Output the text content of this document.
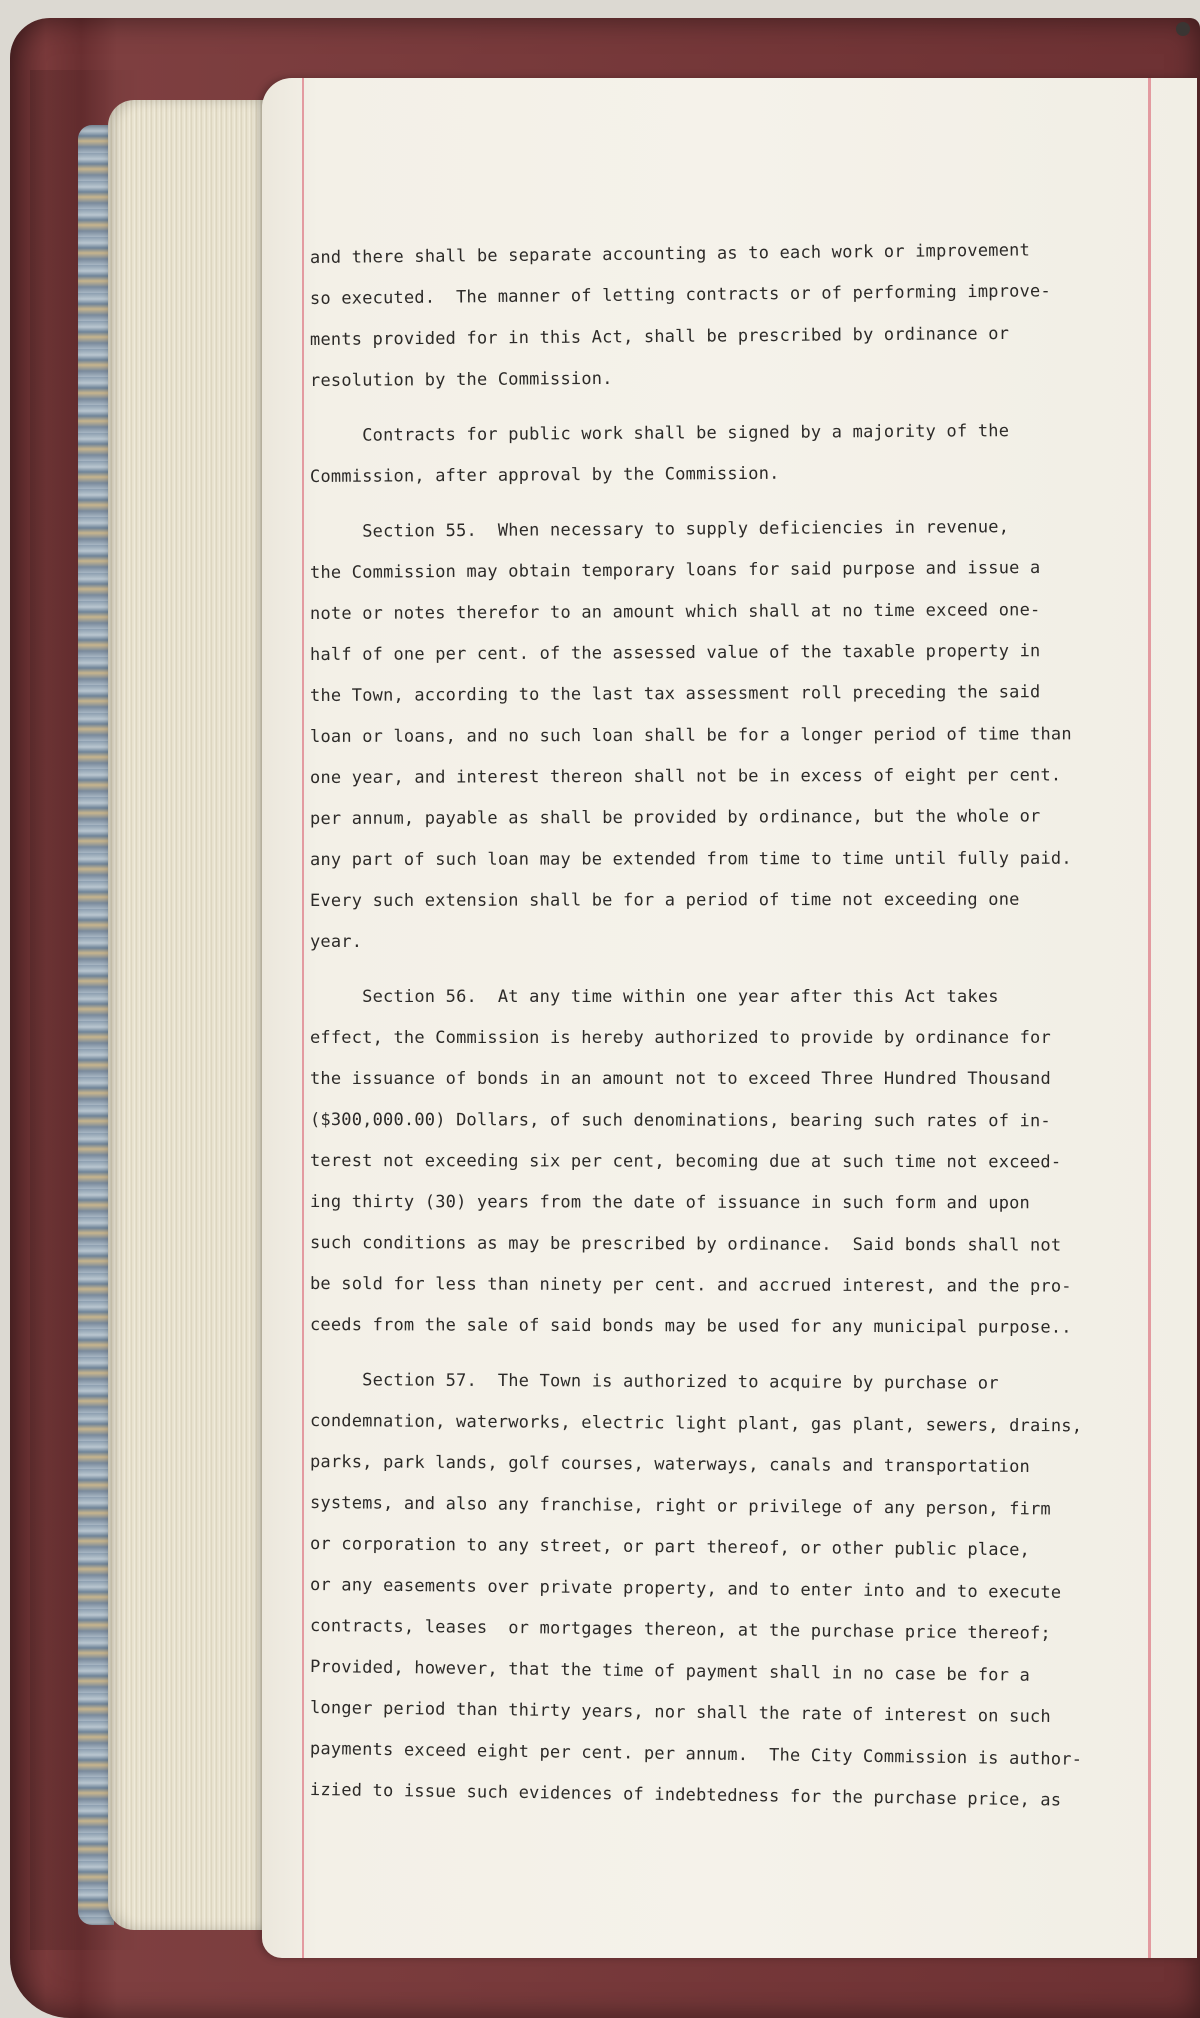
and there shall be separate accounting as to each work or improvement
so executed.  The manner of letting contracts or of performing improve-
ments provided for in this Act, shall be prescribed by ordinance or
resolution by the Commission.
Contracts for public work shall be signed by a majority of the
Commission, after approval by the Commission.
Section 55.  When necessary to supply deficiencies in revenue,
the Commission may obtain temporary loans for said purpose and issue a
note or notes therefor to an amount which shall at no time exceed one-
half of one per cent. of the assessed value of the taxable property in
the Town, according to the last tax assessment roll preceding the said
loan or loans, and no such loan shall be for a longer period of time than
one year, and interest thereon shall not be in excess of eight per cent.
per annum, payable as shall be provided by ordinance, but the whole or
any part of such loan may be extended from time to time until fully paid.
Every such extension shall be for a period of time not exceeding one
year.
Section 56.  At any time within one year after this Act takes
effect, the Commission is hereby authorized to provide by ordinance for
the issuance of bonds in an amount not to exceed Three Hundred Thousand
($300,000.00) Dollars, of such denominations, bearing such rates of in-
terest not exceeding six per cent, becoming due at such time not exceed-
ing thirty (30) years from the date of issuance in such form and upon
such conditions as may be prescribed by ordinance.  Said bonds shall not
be sold for less than ninety per cent. and accrued interest, and the pro-
ceeds from the sale of said bonds may be used for any municipal purpose..
Section 57.  The Town is authorized to acquire by purchase or
condemnation, waterworks, electric light plant, gas plant, sewers, drains,
parks, park lands, golf courses, waterways, canals and transportation
systems, and also any franchise, right or privilege of any person, firm
or corporation to any street, or part thereof, or other public place,
or any easements over private property, and to enter into and to execute
contracts, leases  or mortgages thereon, at the purchase price thereof;
Provided, however, that the time of payment shall in no case be for a
longer period than thirty years, nor shall the rate of interest on such
payments exceed eight per cent. per annum.  The City Commission is author-
izied to issue such evidences of indebtedness for the purchase price, as
